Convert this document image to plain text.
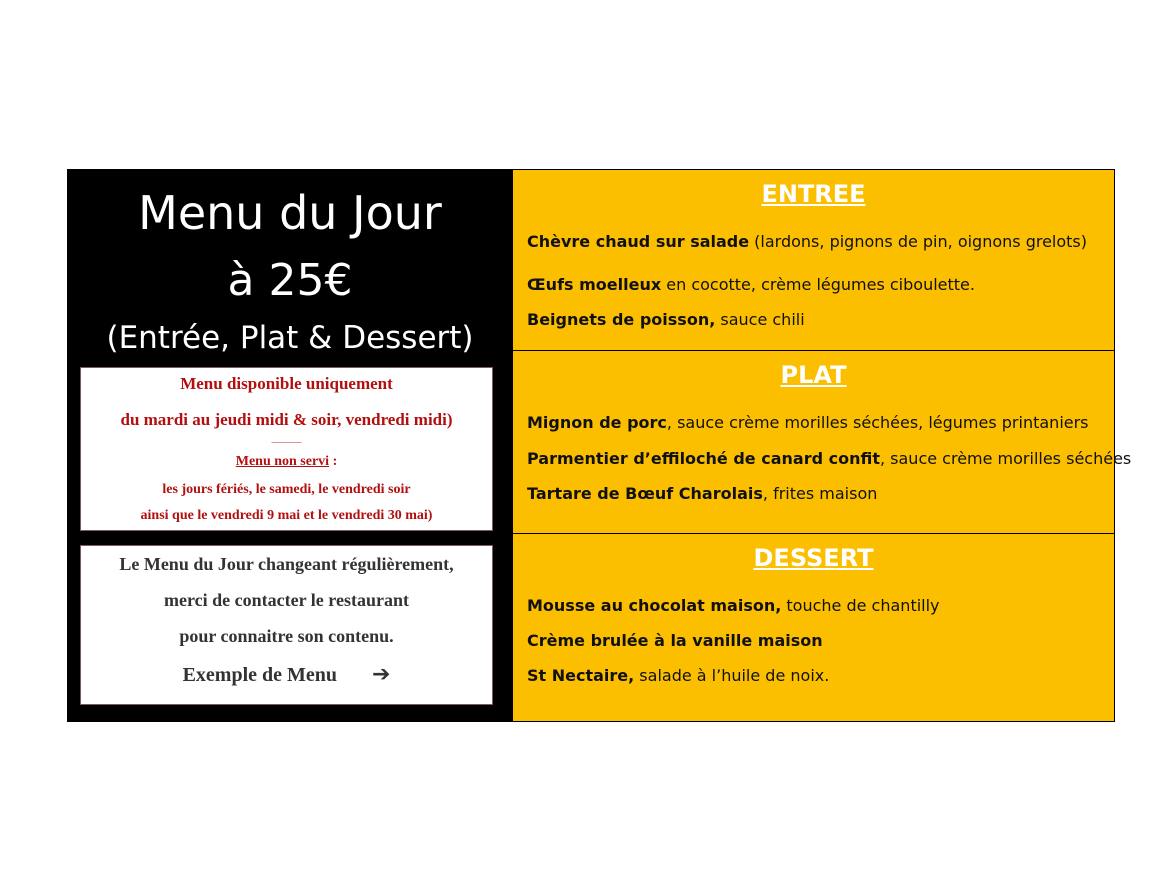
Menu du Jour
à 25€
(Entrée, Plat & Dessert)
Menu disponible uniquement
du mardi au jeudi midi & soir, vendredi midi)
—————
Menu non servi :
les jours fériés, le samedi, le vendredi soir
ainsi que le vendredi 9 mai et le vendredi 30 mai)
Le Menu du Jour changeant régulièrement,
merci de contacter le restaurant
pour connaitre son contenu.
Exemple de Menu ➔
ENTREE
Chèvre chaud sur salade (lardons, pignons de pin, oignons grelots)
Œufs moelleux en cocotte, crème légumes ciboulette.
Beignets de poisson, sauce chili
PLAT
Mignon de porc, sauce crème morilles séchées, légumes printaniers
Parmentier d’effiloché de canard confit, sauce crème morilles séchées
Tartare de Bœuf Charolais, frites maison
DESSERT
Mousse au chocolat maison, touche de chantilly
Crème brulée à la vanille maison
St Nectaire, salade à l’huile de noix.
